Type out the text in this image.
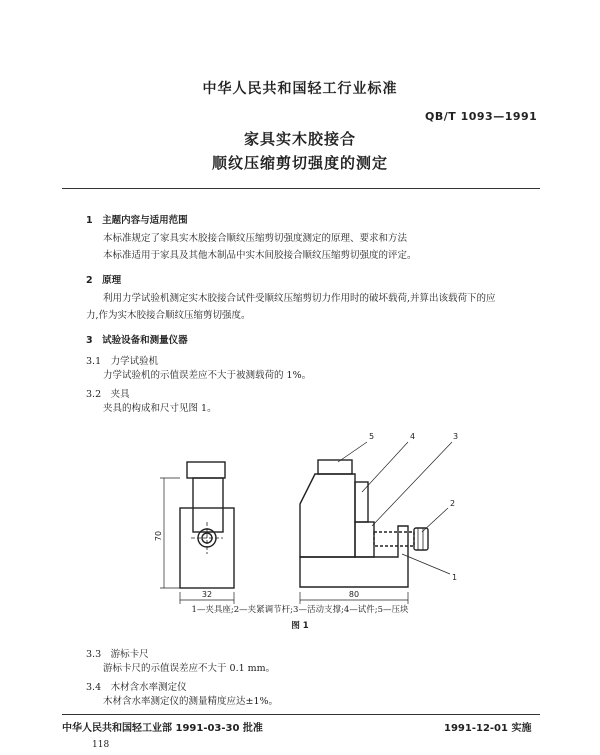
中华人民共和国轻工行业标准
QB/T 1093—1991
家具实木胶接合
顺纹压缩剪切强度的测定
1　主题内容与适用范围
本标准规定了家具实木胶接合顺纹压缩剪切强度测定的原理、要求和方法
本标准适用于家具及其他木制品中实木间胶接合顺纹压缩剪切强度的评定。
2　原理
利用力学试验机测定实木胶接合试件受顺纹压缩剪切力作用时的破坏载荷,并算出该载荷下的应
力,作为实木胶接合顺纹压缩剪切强度。
3　试验设备和测量仪器
3.1　力学试验机
力学试验机的示值误差应不大于被测载荷的 1%。
3.2　夹具
夹具的构成和尺寸见图 1。
70
32	80
5	4	3
2
1
1—夹具座;2—夹紧调节杆;3—活动支撑;4—试件;5—压块
图 1
3.3　游标卡尺
游标卡尺的示值误差应不大于 0.1 mm。
3.4　木材含水率测定仪
木材含水率测定仪的测量精度应达±1%。
中华人民共和国轻工业部 1991-03-30 批准	1991-12-01 实施
118
